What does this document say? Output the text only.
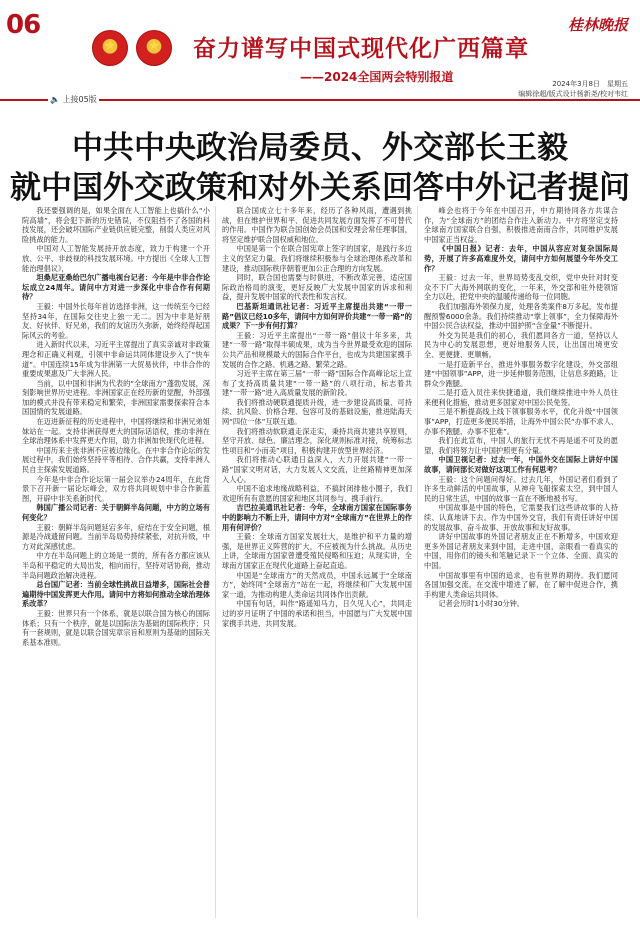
06
★	★	奋力谱写中国式现代化广西篇章
——2024全国两会特别报道
桂林晚报
2024年3月8日　星期五
编辑徐超/版式设计杨新尧/校对韦红
🔈 上接05版
中共中央政治局委员、外交部长王毅
就中国外交政策和对外关系回答中外记者提问

我还要强调的是，如果全面在人工智能上也搞什么“小院高墙”，将会犯下新的历史错误，不仅阻挡不了各国的科技发展，还会破坏国际产业链供应链完整，削弱人类应对风险挑战的能力。

中国对人工智能发展持开放态度，致力于构建一个开放、公平、非歧视的科技发展环境。中方提出《全球人工智能治理倡议》，

坦桑尼亚桑给巴尔广播电视台记者：今年是中非合作论坛成立24周年。请问中方对进一步深化中非合作有何期待？

王毅：中国外长每年首访选择非洲，这一传统至今已经坚持34年，在国际交往史上独一无二。因为中非是好朋友、好伙伴、好兄弟，我们的友谊历久弥新，始终经得起国际风云的考验。

进入新时代以来，习近平主席提出了真实亲诚对非政策理念和正确义利观，引领中非命运共同体建设步入了“快车道”。中国连续15年成为非洲第一大贸易伙伴，中非合作的重要成果惠及广大非洲人民。

当前，以中国和非洲为代表的“全球南方”蓬勃发展，深刻影响世界历史进程。非洲国家正在经历新的觉醒，外部强加的模式并没有带来稳定和繁荣，非洲国家需要探索符合本国国情的发展道路。

在迈进新征程的历史进程中，中国将继续和非洲兄弟姐妹站在一起。支持非洲获得更大的国际话语权，推动非洲在全球治理体系中发挥更大作用，助力非洲加快现代化进程。

中国历来主张非洲不应被边缘化。在中非合作论坛的发展过程中，我们始终坚持平等相待、合作共赢，支持非洲人民自主探索发展道路。

今年是中非合作论坛第一届会议举办24周年，在此背景下召开新一届论坛峰会，双方将共同规划中非合作新蓝图，开辟中非关系新时代。

韩国广播公司记者：关于朝鲜半岛问题，中方的立场有何变化？

王毅：朝鲜半岛问题延宕多年，症结在于安全问题，根源是冷战遗留问题。当前半岛局势持续紧张，对抗升级，中方对此深感忧虑。

中方在半岛问题上的立场是一贯的，所有各方都应该从半岛和平稳定的大局出发，相向而行，坚持对话协商，推动半岛问题政治解决进程。

总台国广记者：当前全球性挑战日益增多，国际社会普遍期待中国发挥更大作用。请问中方将如何推动全球治理体系改革？

王毅：世界只有一个体系，就是以联合国为核心的国际体系；只有一个秩序，就是以国际法为基础的国际秩序；只有一套规则，就是以联合国宪章宗旨和原则为基础的国际关系基本准则。

联合国成立七十多年来，经历了各种风雨，遭遇到挑战，但在维护世界和平、促进共同发展方面发挥了不可替代的作用。中国作为联合国创始会员国和安理会常任理事国，将坚定维护联合国权威和地位。

中国是第一个在联合国宪章上签字的国家，是践行多边主义的坚定力量。我们将继续积极参与全球治理体系改革和建设，推动国际秩序朝着更加公正合理的方向发展。

同时，联合国也需要与时俱进，不断改革完善，适应国际政治格局的演变，更好反映广大发展中国家的诉求和利益，提升发展中国家的代表性和发言权。

巴基斯坦通讯社记者：习近平主席提出共建“一带一路”倡议已经10多年，请问中方如何评价共建“一带一路”的成果？下一步有何打算？

王毅：习近平主席提出“一带一路”倡议十年多来，共建“一带一路”取得丰硕成果，成为当今世界最受欢迎的国际公共产品和规模最大的国际合作平台，也成为共建国家携手发展的合作之路、机遇之路、繁荣之路。

习近平主席在第三届“一带一路”国际合作高峰论坛上宣布了支持高质量共建“一带一路”的八项行动，标志着共建“一带一路”进入高质量发展的新阶段。

我们将推动硬联通提质升级，进一步建设高质量、可持续、抗风险、价格合理、包容可及的基础设施，推进陆海天网“四位一体”互联互通。

我们将推动软联通走深走实，秉持共商共建共享原则，坚守开放、绿色、廉洁理念，深化规则标准对接，统筹标志性项目和“小而美”项目，积极构建开放型世界经济。

我们将推动心联通日益深入，大力开展共建“一带一路”国家文明对话，大力发展人文交流，让丝路精神更加深入人心。

中国不追求地缘战略利益，不搞封闭排他小圈子，我们欢迎所有有意愿的国家和地区共同参与、携手前行。

吉巴拉美通讯社记者：今年，全球南方国家在国际事务中的影响力不断上升，请问中方对“全球南方”在世界上的作用有何评价？

王毅：全球南方国家发展壮大，是维护和平力量的增强，是世界正义阵营的扩大，不应被视为什么挑战。从历史上讲，全球南方国家曾遭受殖民侵略和压迫；从现实讲，全球南方国家正在现代化道路上奋起直追。

中国是“全球南方”的天然成员，中国永远属于“全球南方”，始终同“全球南方”站在一起，将继续和广大发展中国家一道，为推动构建人类命运共同体作出贡献。

中国有句话，叫作“路遥知马力，日久见人心”，共同走过的岁月证明了中国的承诺和担当，中国愿与广大发展中国家携手共进、共同发展。

峰会也将于今年在中国召开，中方期待同各方共谋合作，为“全球南方”的团结合作注入新动力。中方将坚定支持全球南方国家联合自强，积极推进南南合作，共同维护发展中国家正当权益。

《中国日报》记者：去年，中国从容应对复杂国际局势，开展了许多高难度外交，请问中方如何展望今年外交工作？

王毅：过去一年，世界局势变乱交织，党中央针对时变众不下广大海外网联的变化，一年来，外交部和驻外使领馆全力以赴，把党中央的温暖传递给每一位同胞。

我们加强海外领保力度，处理各类案件8万多起，发布提醒预警6000余条。我们持续推动“掌上领事”，全力保障海外中国公民合法权益，推动中国护照“含金量”不断提升。

外交为民是我们的初心，我们愿同各方一道，坚持以人民为中心的发展思想，更好地服务人民，让出国出境更安全、更便捷、更顺畅。

一是打造新平台，推进外事服务数字化建设，外交部组建“中国领事”APP，进一步延伸服务范围，让信息多跑路，让群众少跑腿。

二是打造入员往来快捷通道，我们继续推进中外人员往来便利化措施，推动更多国家对中国公民免签。

三是不断提高线上线下领事服务水平，优化升级“中国领事”APP，打造更多便民举措，让海外中国公民“办事不求人、办事不跑腿、办事不犯难”。

我们在此宣布，中国人的旅行无忧不再是遥不可及的愿望，我们将努力让中国护照更有分量。

中国卫视记者：过去一年，中国外交在国际上讲好中国故事，请问部长对做好这项工作有何思考？

王毅：这个问题问得好。过去几年，外国记者们看到了许多生动鲜活的中国故事，从神舟飞船探索太空，到中国人民的日常生活，中国的故事一直在不断地被书写。

中国故事是中国的特色，它需要我们这些讲故事的人持续、认真地讲下去。作为中国外交官，我们有责任讲好中国的发展故事、奋斗故事、开放故事和友好故事。

讲好中国故事的外国记者朋友正在不断增多，中国欢迎更多外国记者朋友来到中国，走进中国，亲眼看一看真实的中国，用你们的镜头和笔触记录下一个立体、全面、真实的中国。

中国故事里有中国的追求，也有世界的期待。我们愿同各国加强交流，在交流中增进了解，在了解中促进合作，携手构建人类命运共同体。

记者会历时1小时30分钟。
